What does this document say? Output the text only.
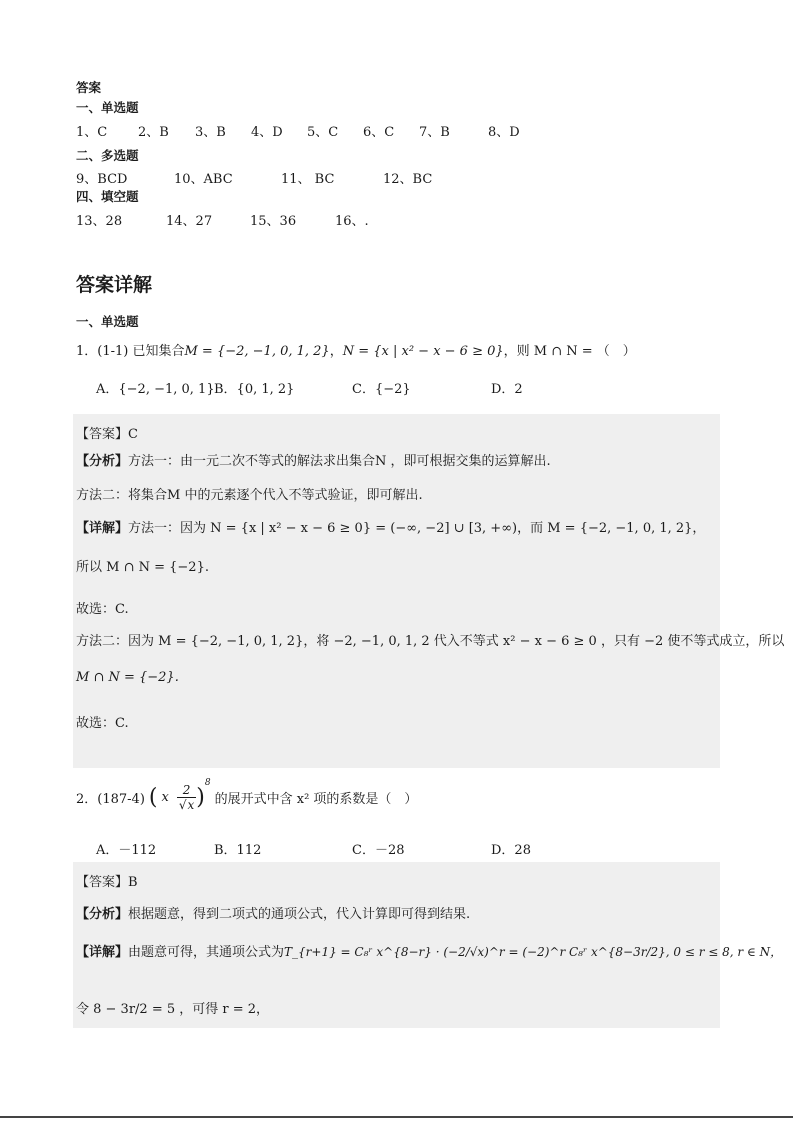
答案
一、单选题
1、C 2、B 3、B 4、D 5、C 6、C 7、B	8、D
二、多选题
9、BCD	10、ABC	11、 BC	12、BC
四、填空题
13、28	14、27	15、36	16、.
答案详解
一、单选题
1．(1-1) 已知集合M = {−2, −1, 0, 1, 2}，N = {x | x² − x − 6 ≥ 0}，则 M ∩ N = （　）
A．{−2, −1, 0, 1} B．{0, 1, 2}	C．{−2}	D．2
【答案】C
【分析】方法一：由一元二次不等式的解法求出集合N ，即可根据交集的运算解出.
方法二：将集合M 中的元素逐个代入不等式验证，即可解出.
【详解】方法一：因为 N = {x | x² − x − 6 ≥ 0} = (−∞, −2] ∪ [3, +∞)，而 M = {−2, −1, 0, 1, 2}，
所以 M ∩ N = {−2}.
故选：C.
方法二：因为 M = {−2, −1, 0, 1, 2}，将 −2, −1, 0, 1, 2 代入不等式 x² − x − 6 ≥ 0 ，只有 −2 使不等式成立，所以
M ∩ N = {−2}.
故选：C.
2．(187-4) ( x $\frac{2}{√x}$ )
$^8$
的展开式中含 x² 项的系数是（　）
A．－112	B．112	C．－28	D．28
【答案】B
【分析】根据题意，得到二项式的通项公式，代入计算即可得到结果.
【详解】由题意可得，其通项公式为T_{r+1} = C₈ʳ x^{8−r} · (−2/√x)^r = (−2)^r C₈ʳ x^{8−3r/2}, 0 ≤ r ≤ 8, r ∈ N，
令 8 − 3r/2 = 5 ，可得 r = 2，
